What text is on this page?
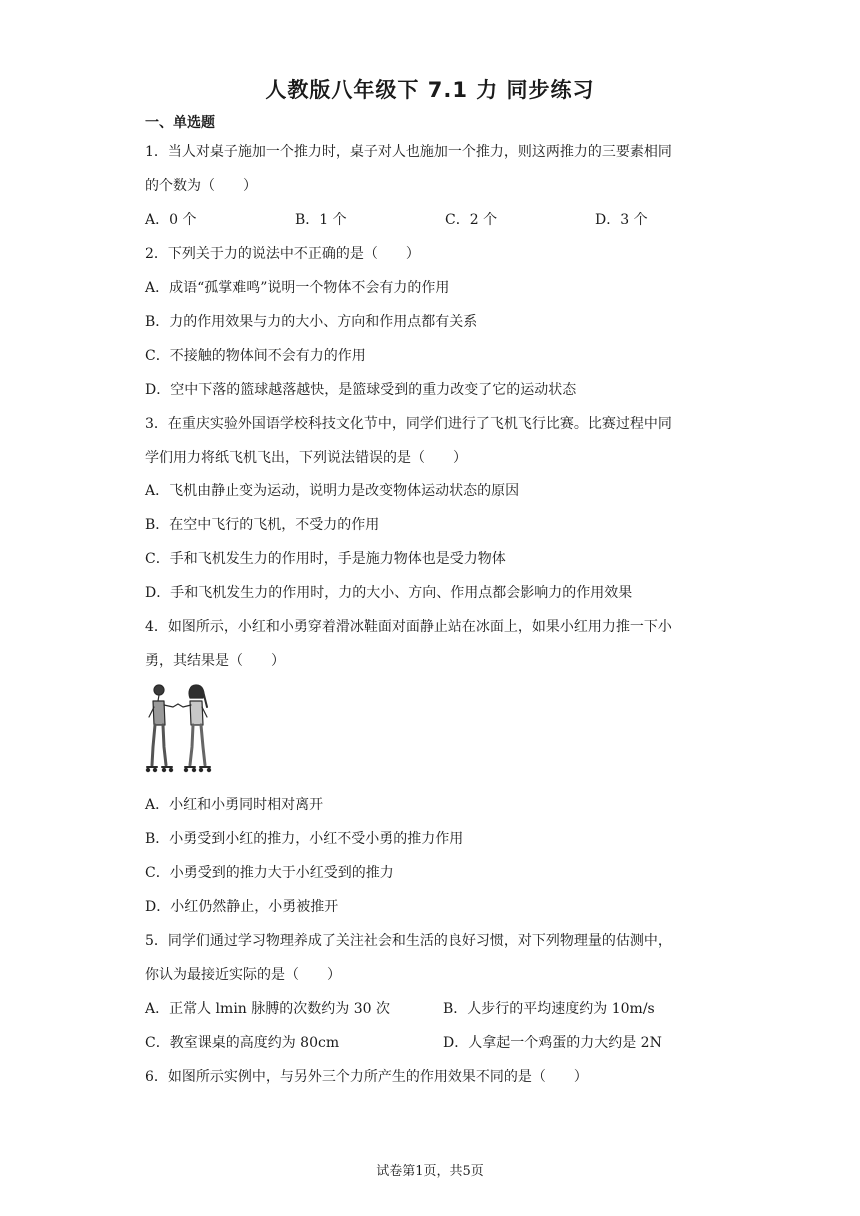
人教版八年级下 7.1 力 同步练习
一、单选题
1．当人对桌子施加一个推力时，桌子对人也施加一个推力，则这两推力的三要素相同
的个数为（　　）
A．0 个	B．1 个	C．2 个	D．3 个
2．下列关于力的说法中不正确的是（　　）
A．成语“孤掌难鸣”说明一个物体不会有力的作用
B．力的作用效果与力的大小、方向和作用点都有关系
C．不接触的物体间不会有力的作用
D．空中下落的篮球越落越快，是篮球受到的重力改变了它的运动状态
3．在重庆实验外国语学校科技文化节中，同学们进行了飞机飞行比赛。比赛过程中同
学们用力将纸飞机飞出，下列说法错误的是（　　）
A．飞机由静止变为运动，说明力是改变物体运动状态的原因
B．在空中飞行的飞机，不受力的作用
C．手和飞机发生力的作用时，手是施力物体也是受力物体
D．手和飞机发生力的作用时，力的大小、方向、作用点都会影响力的作用效果
4．如图所示，小红和小勇穿着滑冰鞋面对面静止站在冰面上，如果小红用力推一下小
勇，其结果是（　　）
A．小红和小勇同时相对离开
B．小勇受到小红的推力，小红不受小勇的推力作用
C．小勇受到的推力大于小红受到的推力
D．小红仍然静止，小勇被推开
5．同学们通过学习物理养成了关注社会和生活的良好习惯，对下列物理量的估测中，
你认为最接近实际的是（　　）
A．正常人 lmin 脉膊的次数约为 30 次	B．人步行的平均速度约为 10m/s
C．教室课桌的高度约为 80cm	D．人拿起一个鸡蛋的力大约是 2N
6．如图所示实例中，与另外三个力所产生的作用效果不同的是（　　）
试卷第1页，共5页
